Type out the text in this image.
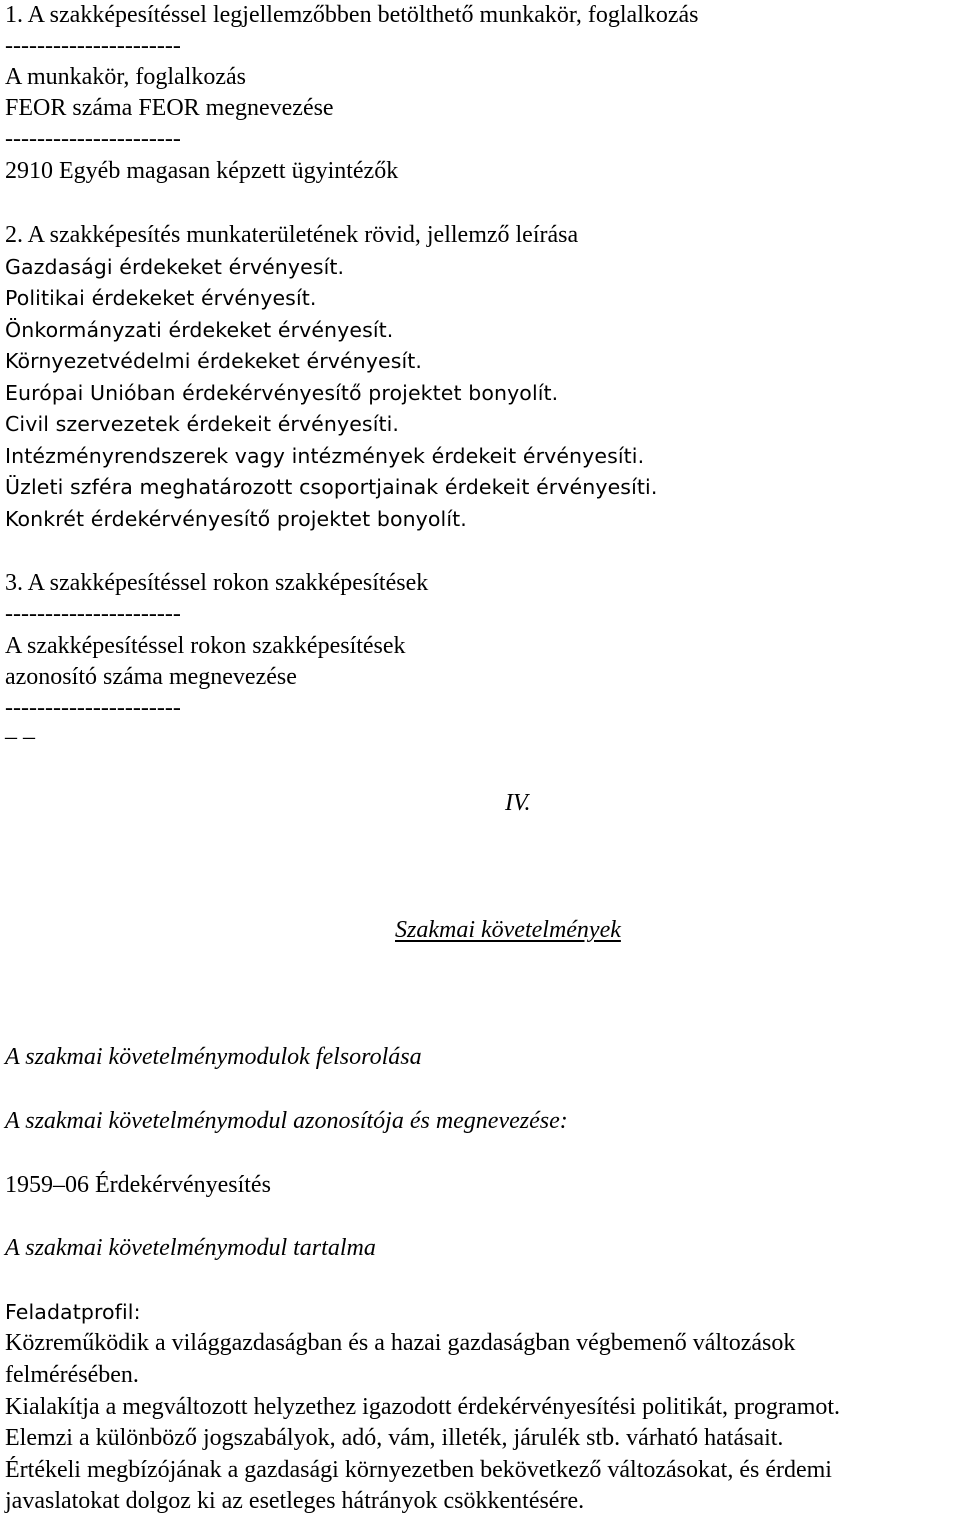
1. A szakképesítéssel legjellemzőbben betölthető munkakör, foglalkozás
----------------------
A munkakör, foglalkozás
FEOR száma FEOR megnevezése
----------------------
2910 Egyéb magasan képzett ügyintézők
2. A szakképesítés munkaterületének rövid, jellemző leírása
Gazdasági érdekeket érvényesít.
Politikai érdekeket érvényesít.
Önkormányzati érdekeket érvényesít.
Környezetvédelmi érdekeket érvényesít.
Európai Unióban érdekérvényesítő projektet bonyolít.
Civil szervezetek érdekeit érvényesíti.
Intézményrendszerek vagy intézmények érdekeit érvényesíti.
Üzleti szféra meghatározott csoportjainak érdekeit érvényesíti.
Konkrét érdekérvényesítő projektet bonyolít.
3. A szakképesítéssel rokon szakképesítések
----------------------
A szakképesítéssel rokon szakképesítések
azonosító száma megnevezése
----------------------
– –
IV.
Szakmai követelmények
A szakmai követelménymodulok felsorolása
A szakmai követelménymodul azonosítója és megnevezése:
1959–06 Érdekérvényesítés
A szakmai követelménymodul tartalma
Feladatprofil:
Közreműködik a világgazdaságban és a hazai gazdaságban végbemenő változások
felmérésében.
Kialakítja a megváltozott helyzethez igazodott érdekérvényesítési politikát, programot.
Elemzi a különböző jogszabályok, adó, vám, illeték, járulék stb. várható hatásait.
Értékeli megbízójának a gazdasági környezetben bekövetkező változásokat, és érdemi
javaslatokat dolgoz ki az esetleges hátrányok csökkentésére.
